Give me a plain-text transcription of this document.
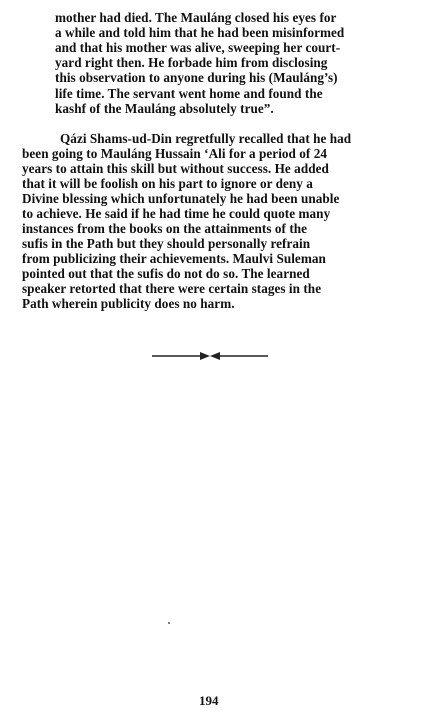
mother had died. The Mauláng closed his eyes for
a while and told him that he had been misinformed
and that his mother was alive, sweeping her court-
yard right then. He forbade him from disclosing
this observation to anyone during his (Mauláng’s)
life time. The servant went home and found the
kashf of the Mauláng absolutely true”.
Qázi Shams-ud-Din regretfully recalled that he had
been going to Mauláng Hussain ‘Ali for a period of 24
years to attain this skill but without success. He added
that it will be foolish on his part to ignore or deny a
Divine blessing which unfortunately he had been unable
to achieve. He said if he had time he could quote many
instances from the books on the attainments of the
sufis in the Path but they should personally refrain
from publicizing their achievements. Maulvi Suleman
pointed out that the sufis do not do so. The learned
speaker retorted that there were certain stages in the
Path wherein publicity does no harm.
194
